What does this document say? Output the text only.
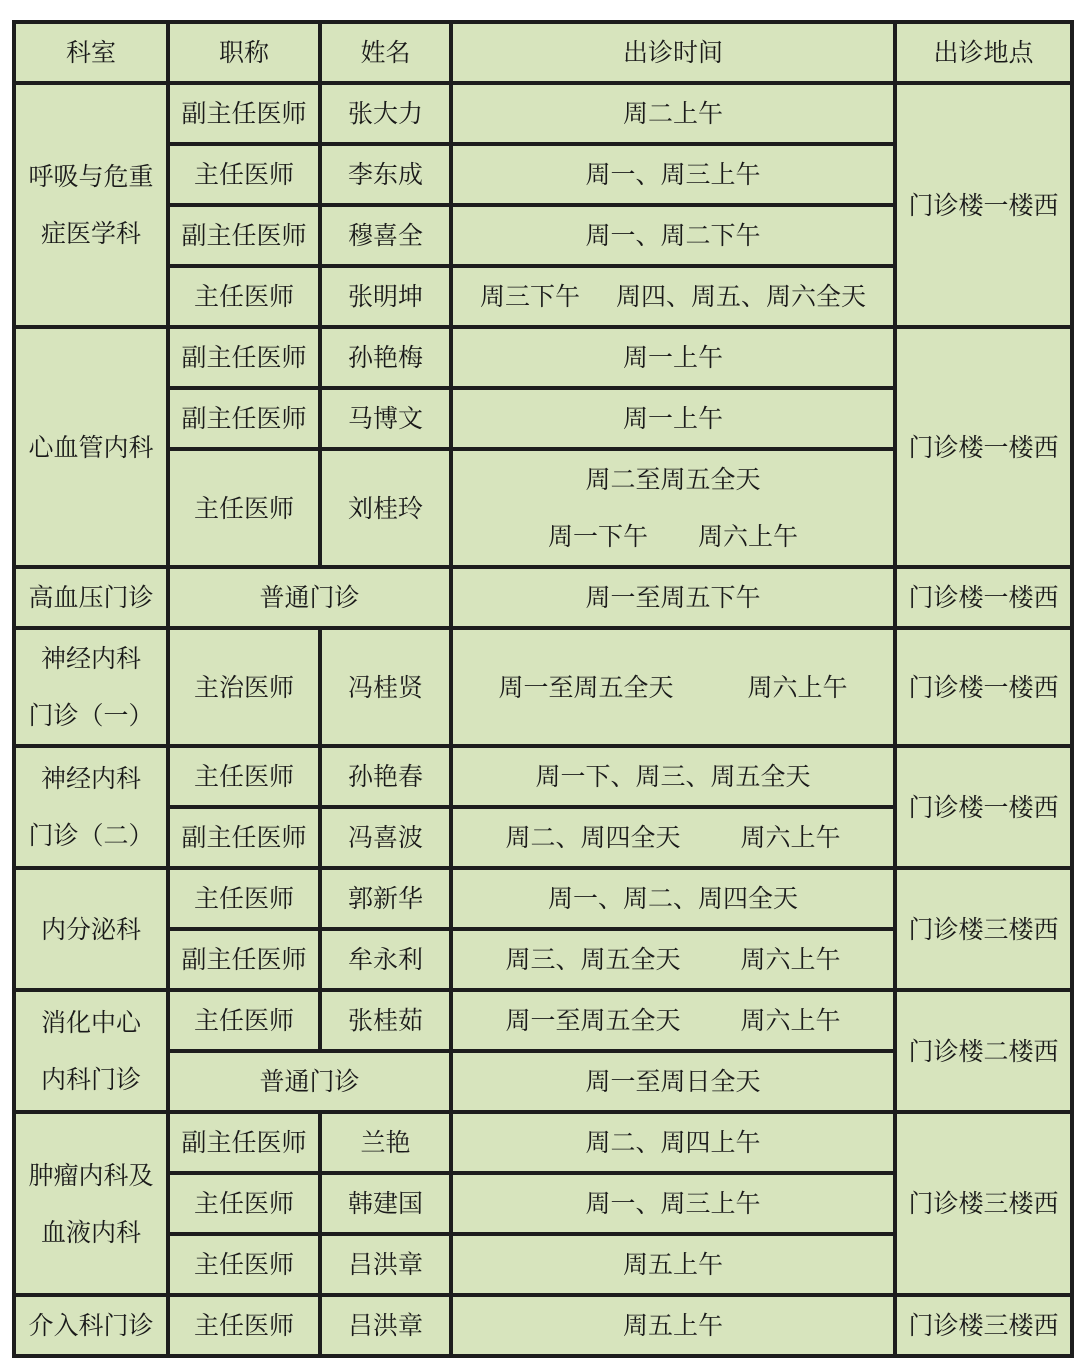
科室	职称	姓名	出诊时间	出诊地点

呼吸与危重
症医学科	副主任医师	张大力	周二上午	门诊楼一楼西
	主任医师	李东成	周一、周三上午	
	副主任医师	穆喜全	周一、周二下午	
	主任医师	张明坤	周三下午 周四、周五、周六全天	

心血管内科	副主任医师	孙艳梅	周一上午	门诊楼一楼西
	副主任医师	马博文	周一上午	
	主任医师	刘桂玲	周二至周五全天
周一下午 周六上午	

高血压门诊	普通门诊		周一至周五下午	门诊楼一楼西

神经内科
门诊（一）	主治医师	冯桂贤	周一至周五全天 周六上午	门诊楼一楼西

神经内科
门诊（二）	主任医师	孙艳春	周一下、周三、周五全天	门诊楼一楼西
	副主任医师	冯喜波	周二、周四全天 周六上午	

内分泌科	主任医师	郭新华	周一、周二、周四全天	门诊楼三楼西
	副主任医师	牟永利	周三、周五全天 周六上午	

消化中心
内科门诊	主任医师	张桂茹	周一至周五全天 周六上午	门诊楼二楼西
	普通门诊		周一至周日全天	

肿瘤内科及
血液内科	副主任医师	兰艳	周二、周四上午	门诊楼三楼西
	主任医师	韩建国	周一、周三上午	
	主任医师	吕洪章	周五上午	

介入科门诊	主任医师	吕洪章	周五上午	门诊楼三楼西
